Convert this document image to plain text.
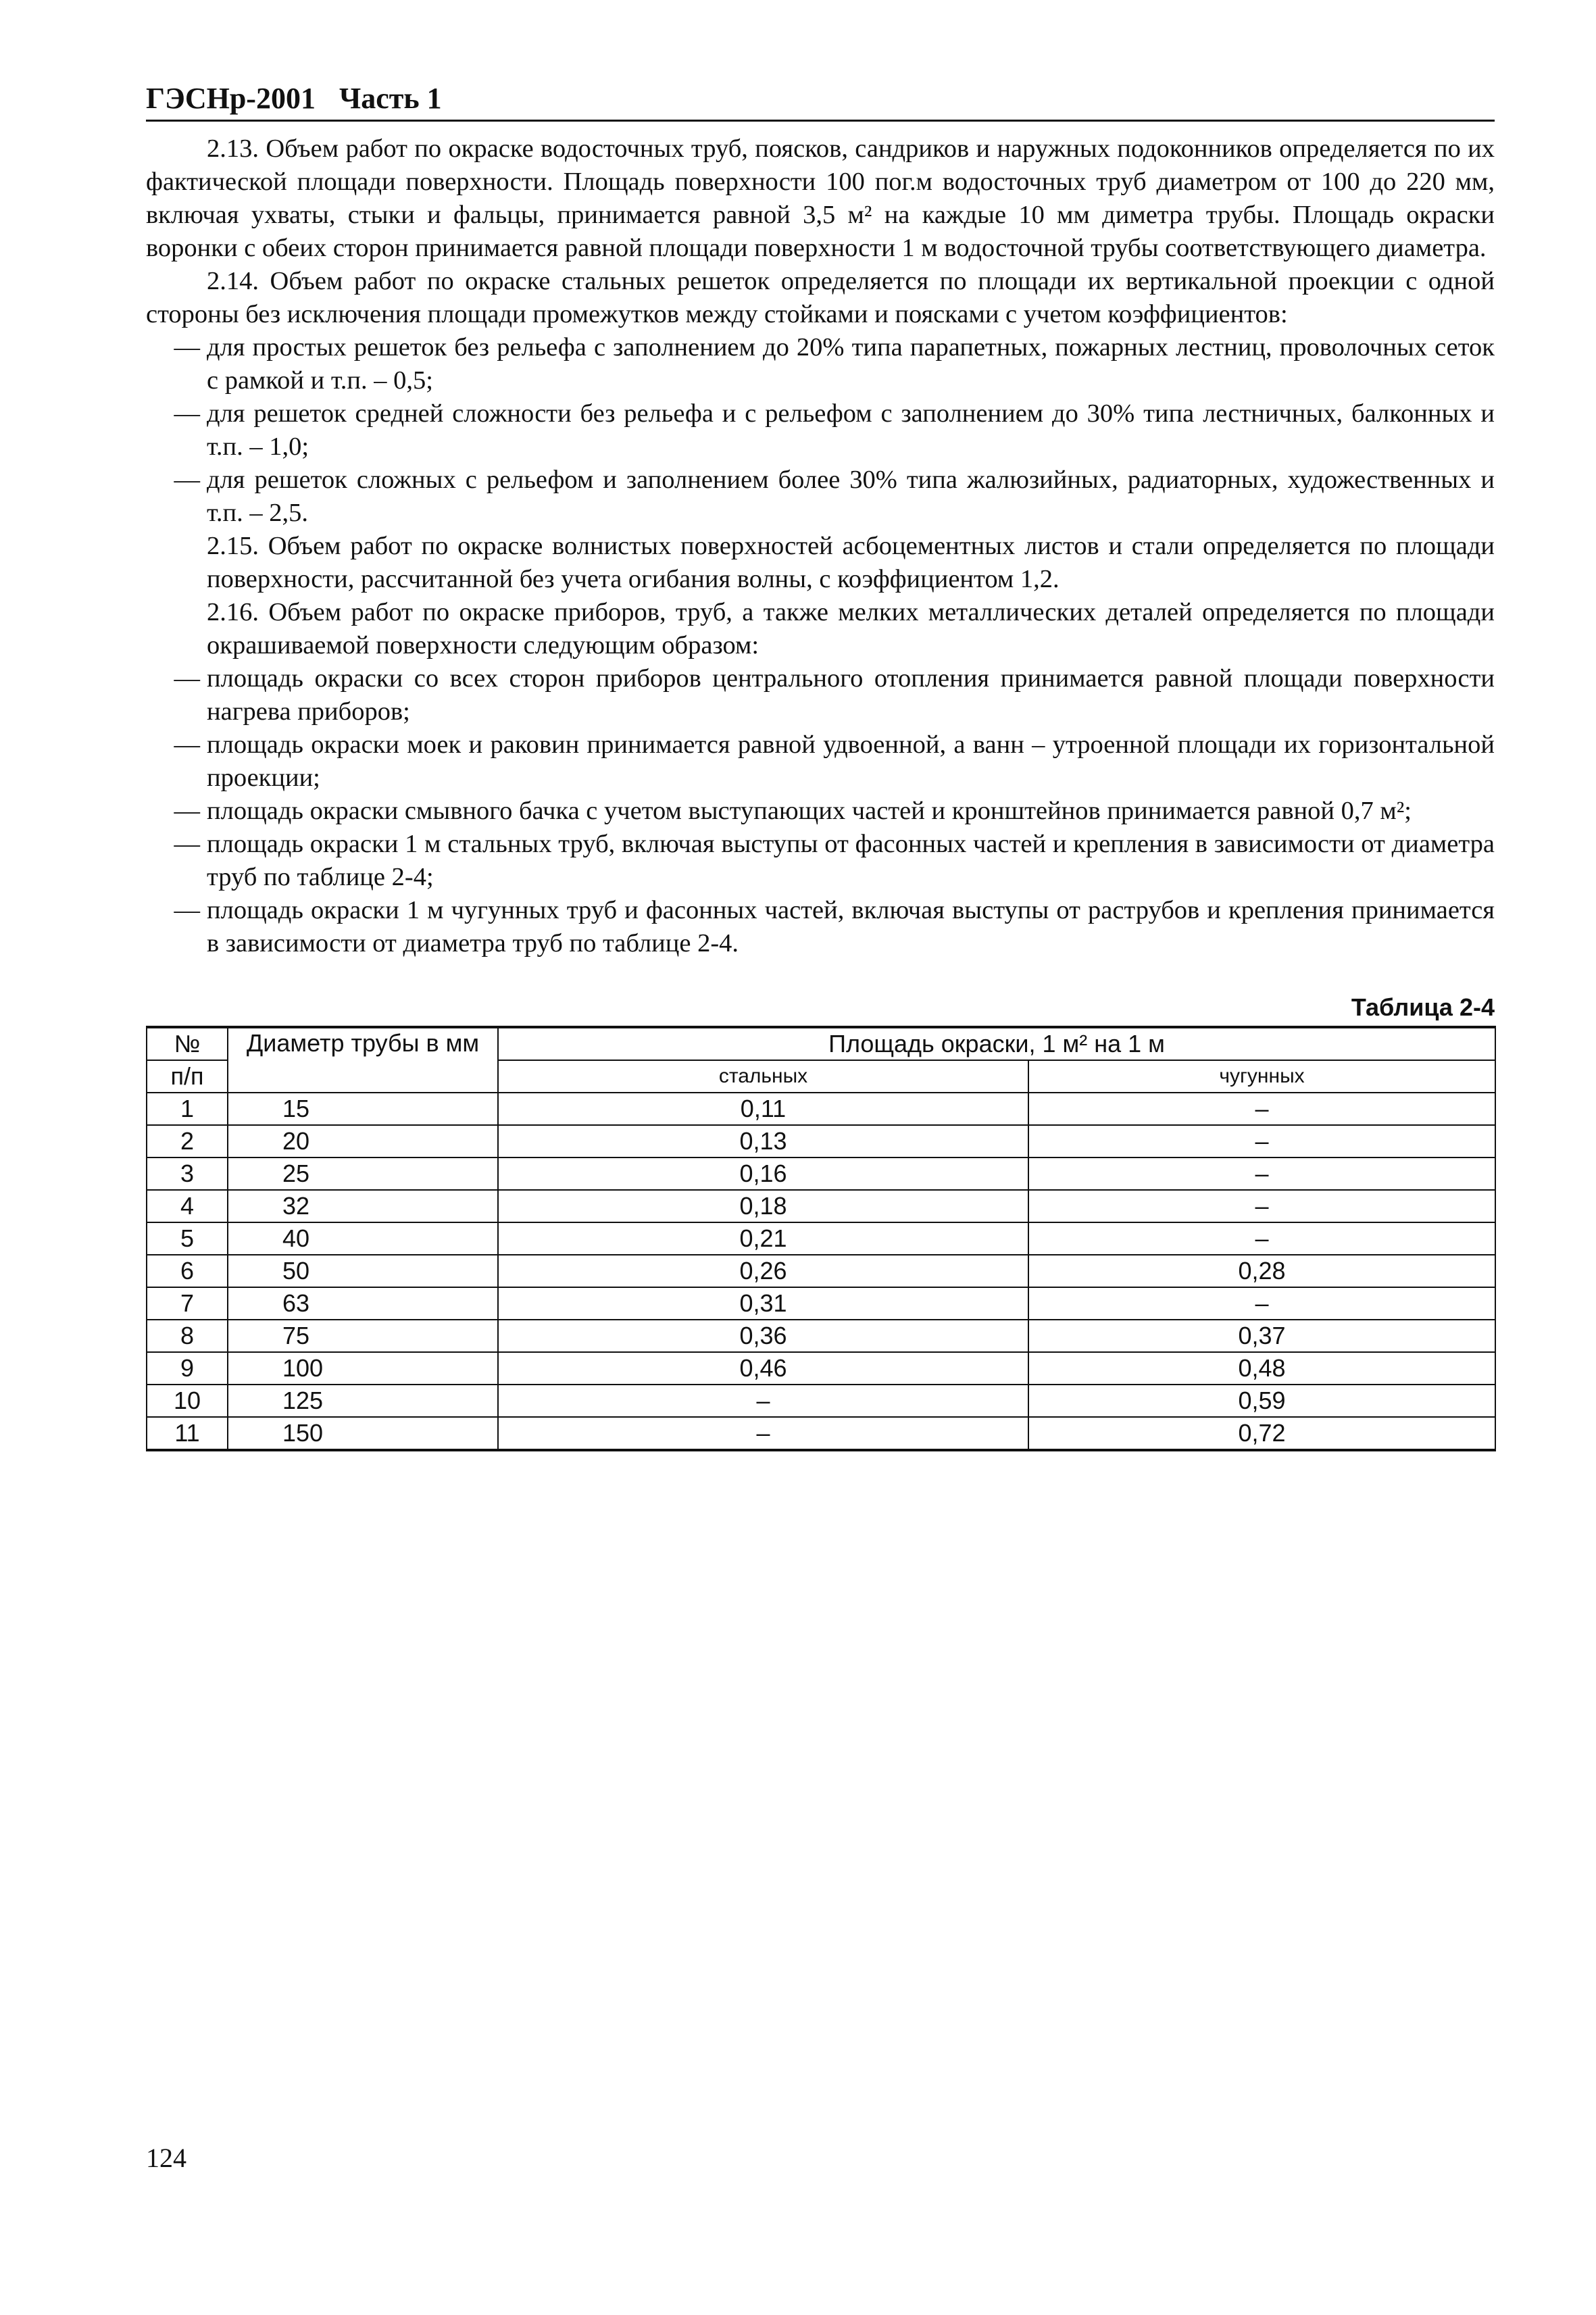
ГЭСНр-2001 Часть 1

2.13. Объем работ по окраске водосточных труб, поясков, сандриков и наружных подоконников определяется по их фактической площади поверхности. Площадь поверхности 100 пог.м водосточных труб диаметром от 100 до 220 мм, включая ухваты, стыки и фальцы, принимается равной 3,5 м² на каждые 10 мм диметра трубы. Площадь окраски воронки с обеих сторон принимается равной площади поверхности 1 м водосточной трубы соответствующего диаметра.

2.14. Объем работ по окраске стальных решеток определяется по площади их вертикальной проекции с одной стороны без исключения площади промежутков между стойками и поясками с учетом коэффициентов:

— для простых решеток без рельефа с заполнением до 20% типа парапетных, пожарных лестниц, проволочных сеток с рамкой и т.п. – 0,5;
— для решеток средней сложности без рельефа и с рельефом с заполнением до 30% типа лестничных, балконных и т.п. – 1,0;
— для решеток сложных с рельефом и заполнением более 30% типа жалюзийных, радиаторных, художественных и т.п. – 2,5.

2.15. Объем работ по окраске волнистых поверхностей асбоцементных листов и стали определяется по площади поверхности, рассчитанной без учета огибания волны, с коэффициентом 1,2.

2.16. Объем работ по окраске приборов, труб, а также мелких металлических деталей определяется по площади окрашиваемой поверхности следующим образом:

— площадь окраски со всех сторон приборов центрального отопления принимается равной площади поверхности нагрева приборов;
— площадь окраски моек и раковин принимается равной удвоенной, а ванн – утроенной площади их горизонтальной проекции;
— площадь окраски смывного бачка с учетом выступающих частей и кронштейнов принимается равной 0,7 м²;
— площадь окраски 1 м стальных труб, включая выступы от фасонных частей и крепления в зависимости от диаметра труб по таблице 2-4;
— площадь окраски 1 м чугунных труб и фасонных частей, включая выступы от раструбов и крепления принимается в зависимости от диаметра труб по таблице 2-4.
Таблица 2-4
№	Диаметр трубы в мм	Площадь окраски, 1 м² на 1 м	
п/п		стальных	чугунных
1	15	0,11	–
2	20	0,13	–
3	25	0,16	–
4	32	0,18	–
5	40	0,21	–
6	50	0,26	0,28
7	63	0,31	–
8	75	0,36	0,37
9	100	0,46	0,48
10	125	–	0,59
11	150	–	0,72
124
